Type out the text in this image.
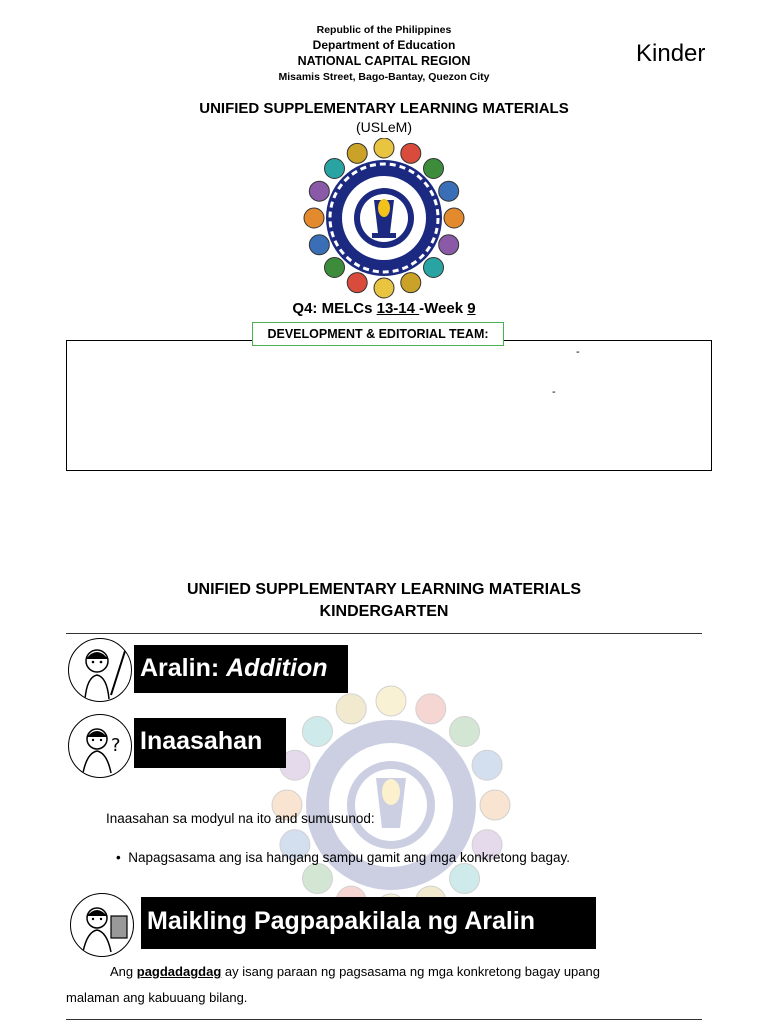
Republic of the Philippines
Department of Education
NATIONAL CAPITAL REGION
Misamis Street, Bago-Bantay, Quezon City
Kinder
UNIFIED SUPPLEMENTARY LEARNING MATERIALS
(USLeM)
Q4: MELCs 13-14 -Week 9
DEVELOPMENT & EDITORIAL TEAM:
-
-
UNIFIED SUPPLEMENTARY LEARNING MATERIALS
KINDERGARTEN
Aralin: Addition
? Inaasahan
Inaasahan sa modyul na ito and sumusunod:
• Napagsasama ang isa hangang sampu gamit ang mga konkretong bagay.
Maikling Pagpapakilala ng Aralin
Ang pagdadagdag ay isang paraan ng pagsasama ng mga konkretong bagay upang
malaman ang kabuuang bilang.
